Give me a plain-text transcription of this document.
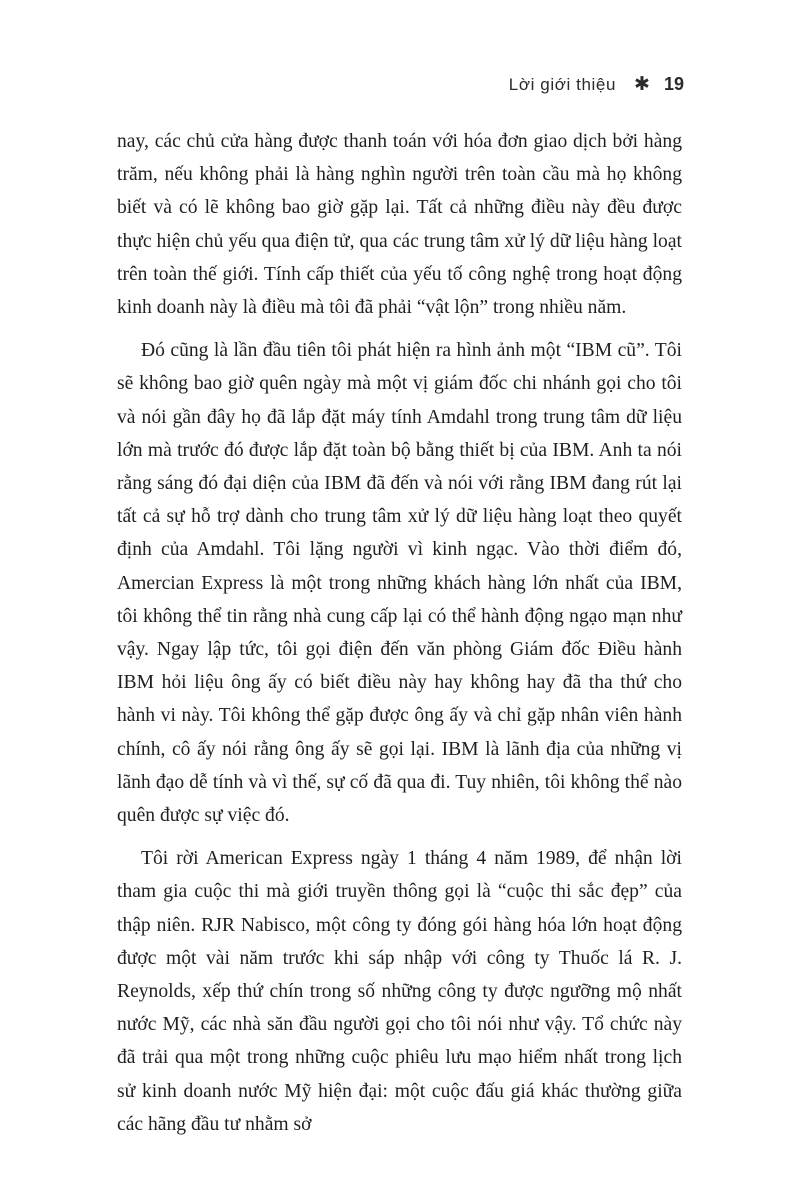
Lời giới thiệu ✱ 19

nay, các chủ cửa hàng được thanh toán với hóa đơn giao dịch bởi hàng trăm, nếu không phải là hàng nghìn người trên toàn cầu mà họ không biết và có lẽ không bao giờ gặp lại. Tất cả những điều này đều được thực hiện chủ yếu qua điện tử, qua các trung tâm xử lý dữ liệu hàng loạt trên toàn thế giới. Tính cấp thiết của yếu tố công nghệ trong hoạt động kinh doanh này là điều mà tôi đã phải “vật lộn” trong nhiều năm.

Đó cũng là lần đầu tiên tôi phát hiện ra hình ảnh một “IBM cũ”. Tôi sẽ không bao giờ quên ngày mà một vị giám đốc chi nhánh gọi cho tôi và nói gần đây họ đã lắp đặt máy tính Amdahl trong trung tâm dữ liệu lớn mà trước đó được lắp đặt toàn bộ bằng thiết bị của IBM. Anh ta nói rằng sáng đó đại diện của IBM đã đến và nói với rằng IBM đang rút lại tất cả sự hỗ trợ dành cho trung tâm xử lý dữ liệu hàng loạt theo quyết định của Amdahl. Tôi lặng người vì kinh ngạc. Vào thời điểm đó, Amercian Express là một trong những khách hàng lớn nhất của IBM, tôi không thể tin rằng nhà cung cấp lại có thể hành động ngạo mạn như vậy. Ngay lập tức, tôi gọi điện đến văn phòng Giám đốc Điều hành IBM hỏi liệu ông ấy có biết điều này hay không hay đã tha thứ cho hành vi này. Tôi không thể gặp được ông ấy và chỉ gặp nhân viên hành chính, cô ấy nói rằng ông ấy sẽ gọi lại. IBM là lãnh địa của những vị lãnh đạo dễ tính và vì thế, sự cố đã qua đi. Tuy nhiên, tôi không thể nào quên được sự việc đó.

Tôi rời American Express ngày 1 tháng 4 năm 1989, để nhận lời tham gia cuộc thi mà giới truyền thông gọi là “cuộc thi sắc đẹp” của thập niên. RJR Nabisco, một công ty đóng gói hàng hóa lớn hoạt động được một vài năm trước khi sáp nhập với công ty Thuốc lá R. J. Reynolds, xếp thứ chín trong số những công ty được ngưỡng mộ nhất nước Mỹ, các nhà săn đầu người gọi cho tôi nói như vậy. Tổ chức này đã trải qua một trong những cuộc phiêu lưu mạo hiểm nhất trong lịch sử kinh doanh nước Mỹ hiện đại: một cuộc đấu giá khác thường giữa các hãng đầu tư nhằm sở
